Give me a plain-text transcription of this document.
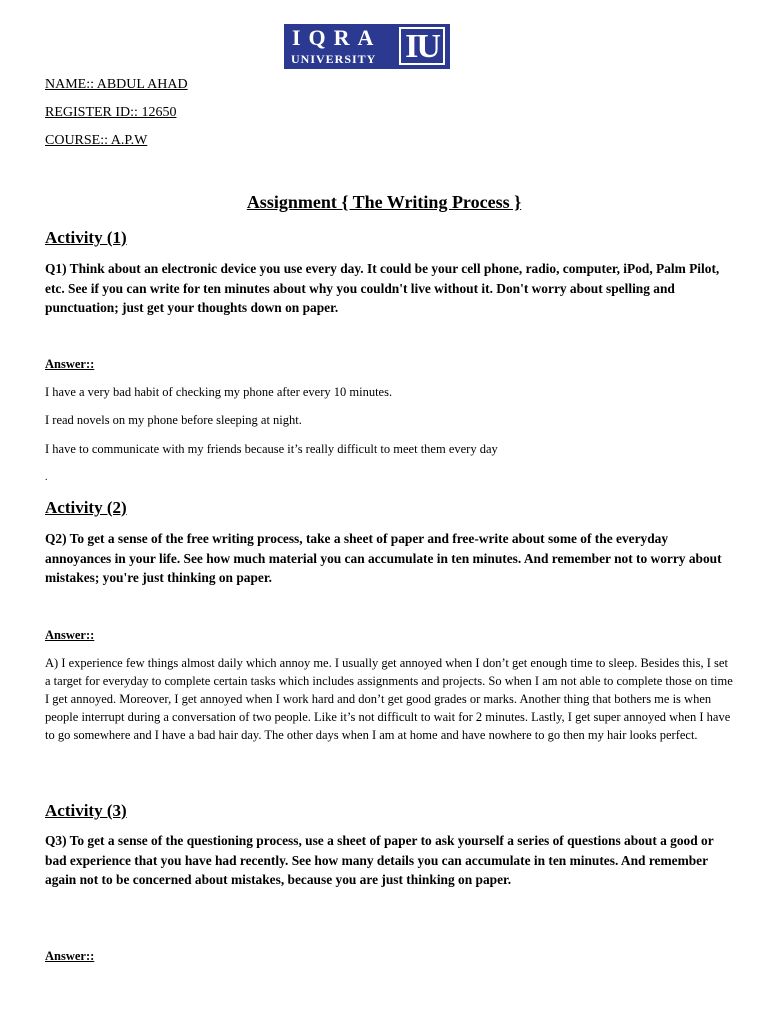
IQRA
UNIVERSITY IU

NAME:: ABDUL AHAD

REGISTER ID:: 12650

COURSE:: A.P.W

Assignment { The Writing Process }

Activity (1)

Q1) Think about an electronic device you use every day. It could be your cell phone, radio, computer, iPod, Palm Pilot, etc. See if you can write for ten minutes about why you couldn't live without it. Don't worry about spelling and punctuation; just get your thoughts down on paper.

Answer::

I have a very bad habit of checking my phone after every 10 minutes.

I read novels on my phone before sleeping at night.

I have to communicate with my friends because it’s really difficult to meet them every day

.

Activity (2)

Q2) To get a sense of the free writing process, take a sheet of paper and free-write about some of the everyday annoyances in your life. See how much material you can accumulate in ten minutes. And remember not to worry about mistakes; you're just thinking on paper.

Answer::

A) I experience few things almost daily which annoy me. I usually get annoyed when I don’t get enough time to sleep. Besides this, I set a target for everyday to complete certain tasks which includes assignments and projects. So when I am not able to complete those on time I get annoyed. Moreover, I get annoyed when I work hard and don’t get good grades or marks. Another thing that bothers me is when people interrupt during a conversation of two people. Like it’s not difficult to wait for 2 minutes. Lastly, I get super annoyed when I have to go somewhere and I have a bad hair day. The other days when I am at home and have nowhere to go then my hair looks perfect.

Activity (3)

Q3) To get a sense of the questioning process, use a sheet of paper to ask yourself a series of questions about a good or bad experience that you have had recently. See how many details you can accumulate in ten minutes. And remember again not to be concerned about mistakes, because you are just thinking on paper.

Answer::
